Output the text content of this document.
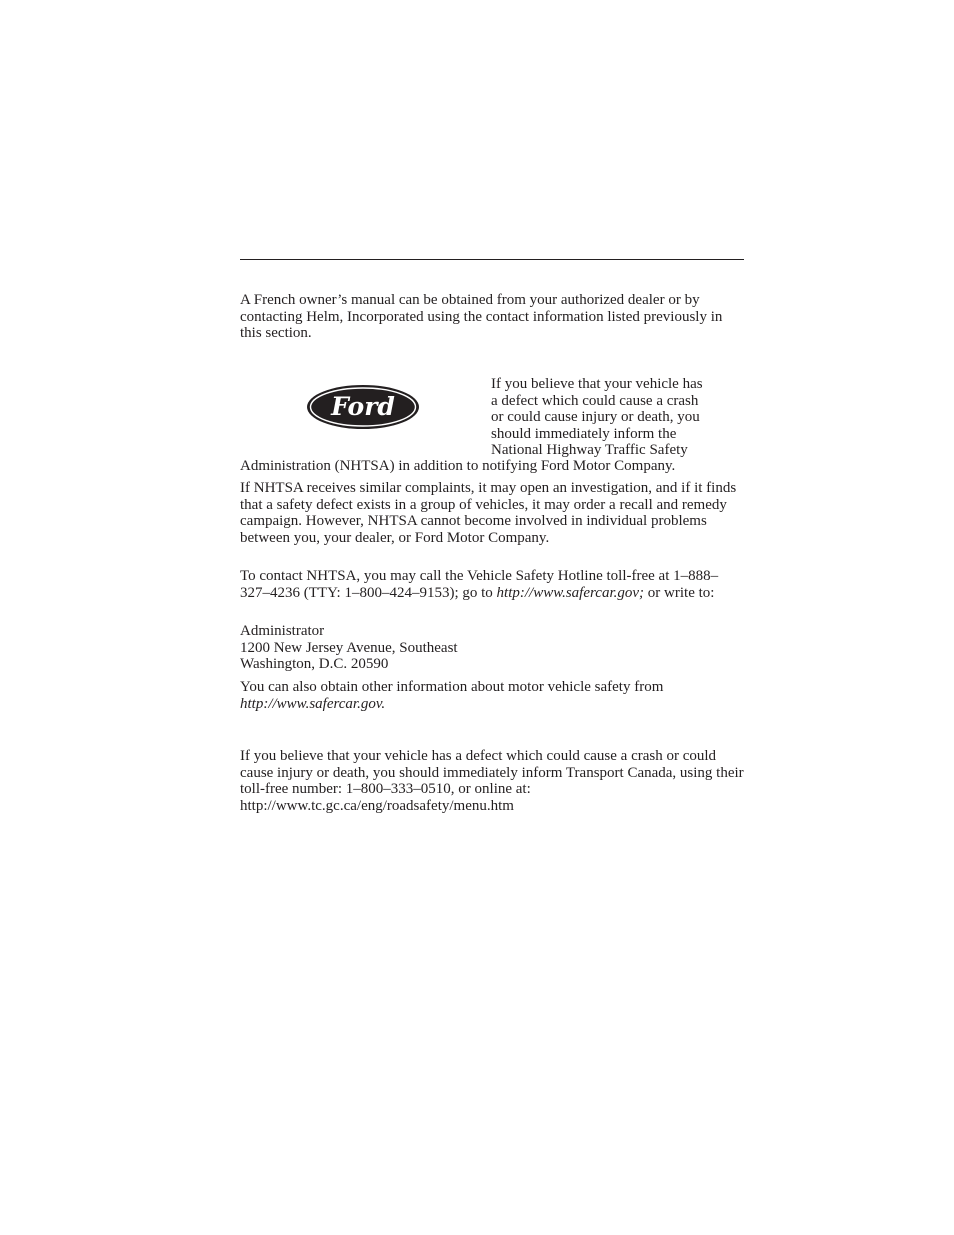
A French owner’s manual can be obtained from your authorized dealer or by contacting Helm, Incorporated using the contact information listed previously in this section.

Ford
If you believe that your vehicle has
a defect which could cause a crash
or could cause injury or death, you
should immediately inform the
National Highway Traffic Safety

Administration (NHTSA) in addition to notifying Ford Motor Company.

If NHTSA receives similar complaints, it may open an investigation, and if it finds that a safety defect exists in a group of vehicles, it may order a recall and remedy campaign. However, NHTSA cannot become involved in individual problems between you, your dealer, or Ford Motor Company.

To contact NHTSA, you may call the Vehicle Safety Hotline toll-free at 1–888–327–4236 (TTY: 1–800–424–9153); go to http://www.safercar.gov; or write to:

Administrator
1200 New Jersey Avenue, Southeast
Washington, D.C. 20590

You can also obtain other information about motor vehicle safety from http://www.safercar.gov.

If you believe that your vehicle has a defect which could cause a crash or could cause injury or death, you should immediately inform Transport Canada, using their toll-free number: 1–800–333–0510, or online at: http://www.tc.gc.ca/eng/roadsafety/menu.htm
